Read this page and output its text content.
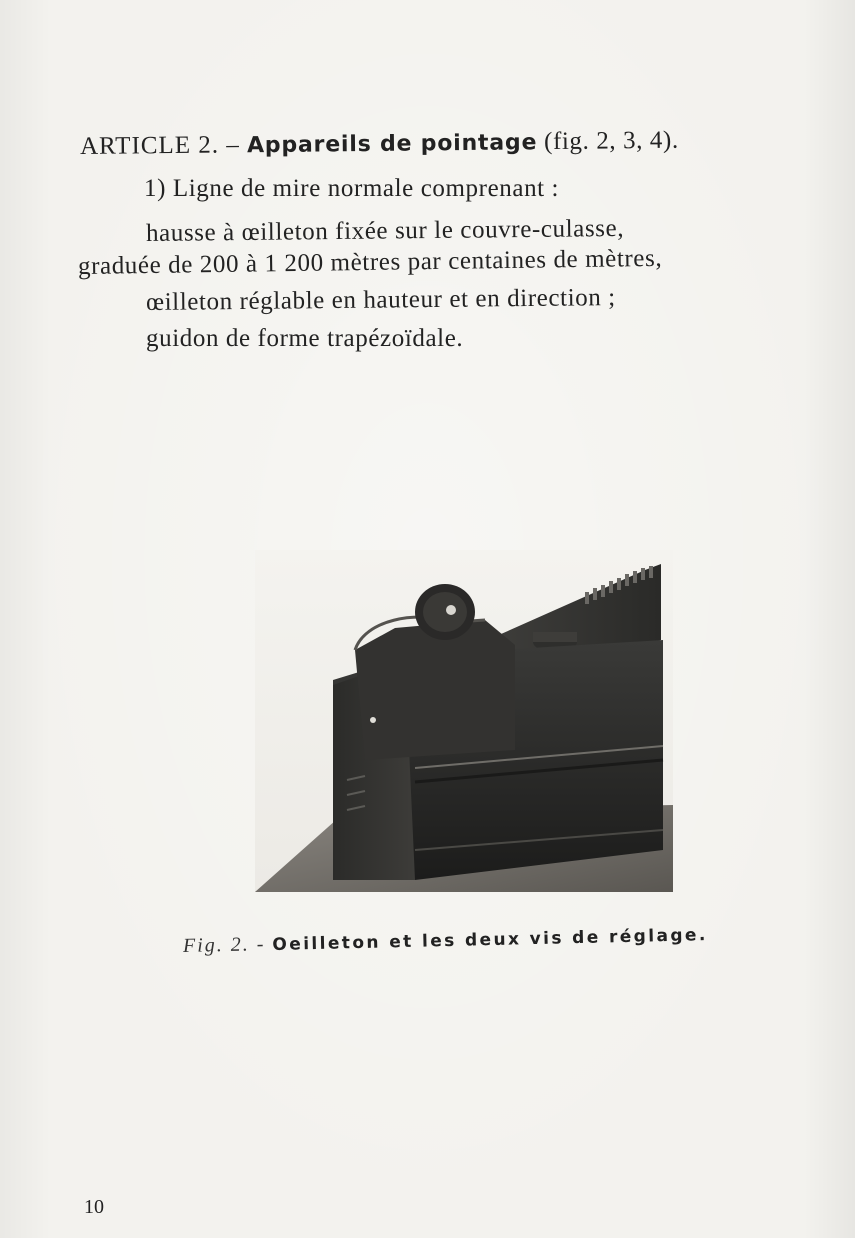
ARTICLE 2. – Appareils de pointage (fig. 2, 3, 4).
1) Ligne de mire normale comprenant :
hausse à œilleton fixée sur le couvre-culasse,
graduée de 200 à 1 200 mètres par centaines de mètres,
œilleton réglable en hauteur et en direction ;
guidon de forme trapézoïdale.
Fig. 2. - Oeilleton et les deux vis de réglage.
10
